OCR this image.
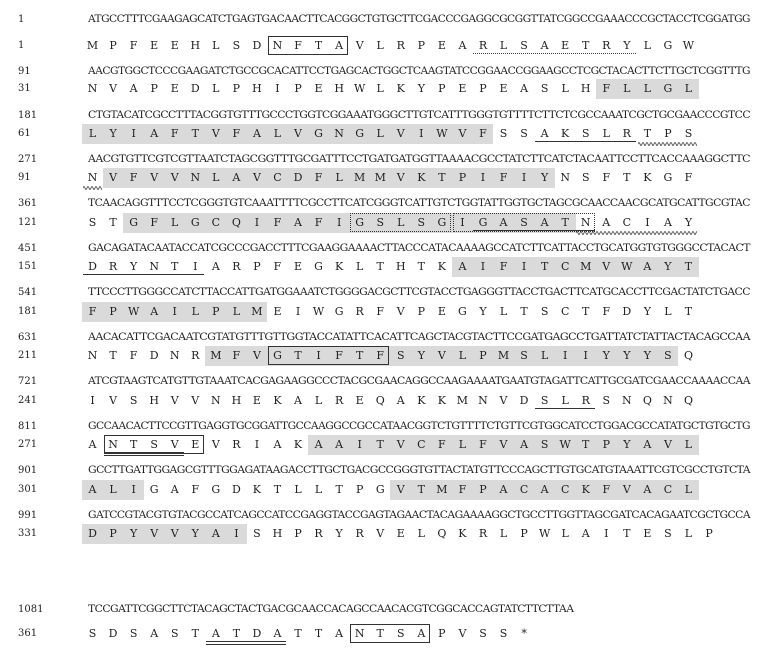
1	ATGCCTTTCGAAGAGCATCTGAGTGACAACTTCACGGCTGTGCTTCGACCCGAGGCGCGGTTATCGGCCGAAACCCGCTACCTCGGATGG
1	M	P	F	E	E	H	L	S	D	N	F	T	A	V	L	R	P	E	A	R	L	S	A	E	T	R	Y	L	G W
91	AACGTGGCTCCCGAAGATCTGCCGCACATTCCTGAGCACTGGCTCAAGTATCCGGAACCGGAAGCCTCGCTACACTTCTTGCTCGGTTTG
31	N	V	A	P	E	D	L	P	H	I	P	E	H W	L	K	Y	P	E	P	E	A	S	L	H	F	L	L	G	L
181	CTGTACATCGCCTTTACGGTGTTTGCCCTGGTCGGAAATGGGCTTGTCATTTGGGTGTTTTCTTCTCGCCAAATCGCTGCGAACCCGTCC
61	L	Y	I	A	F	T	V	F	A	L	V	G	N	G	L	V	I	W V	F	S	S	A	K	S	L	R	T	P	S
271	AACGTGTTCGTCGTTAATCTAGCGGTTTGCGATTTCCTGATGATGGTTAAAACGCCTATCTTCATCTACAATTCCTTCACCAAAGGCTTC
91	N	V	F	V	V	N	L	A	V	C	D	F	L	M M V	K	T	P	I	F	I	Y	N	S	F	T	K	G	F
361	TCAACAGGTTTCCTCGGGTGTCAAATTTTCGCCTTCATCGGGTCATTGTCTGGTATTGGTGCTAGCGCAACCAACGCATGCATTGCGTAC
121	S	T	G	F	L	G	C	Q	I	F	A	F	I	G	S	L	S	G	I	G	A	S	A	T	N	A	C	I	A	Y
451	GACAGATACAATACCATCGCCCGACCTTTCGAAGGAAAACTTACCCATACAAAAGCCATCTTCATTACCTGCATGGTGTGGGCCTACACT
151	D	R	Y	N	T	I	A	R	P	F	E	G	K	L	T	H	T	K	A	I	F	I	T	C M V W A	Y	T
541	TTCCCTTGGGCCATCTTACCATTGATGGAAATCTGGGGACGCTTCGTACCTGAGGGTTACCTGACTTCATGCACCTTCGACTATCTGACC
181	F	P	W A	I	L	P	L	M E	I	W G	R	F	V	P	E	G	Y	L	T	S	C	T	F	D	Y	L	T
631	AACACATTCGACAATCGTATGTTTGTTGGTACCATATTCACATTCAGCTACGTACTTCCGATGAGCCTGATTATCTATTACTACAGCCAA
211	N	T	F	D	N	R M	F	V	G	T	I	F	T	F	S	Y	V	L	P	M	S	L	I	I	Y	Y	Y	S	Q
721	ATCGTAAGTCATGTTGTAAATCACGAGAAGGCCCTACGCGAACAGGCCAAGAAAATGAATGTAGATTCATTGCGATCGAACCAAAACCAA
241	I	V	S	H	V	V	N H	E	K	A	L	R	E	Q	A	K	K M N	V	D	S	L	R	S	N	Q	N	Q
811	GCCAACACTTCCGTTGAGGTGCGGATTGCCAAGGCCGCCATAACGGTCTGTTTTCTGTTCGTGGCATCCTGGACGCCATATGCTGTGCTG
271	A	N	T	S	V	E	V	R	I	A	K	A	A	I	T	V	C	F	L	F	V	A	S	W	T	P	Y	A	V	L
901	GCCTTGATTGGAGCGTTTGGAGATAAGACCTTGCTGACGCCGGGTGTTACTATGTTCCCAGCTTGTGCATGTAAATTCGTCGCCTGTCTA
301	A	L	I	G	A	F	G	D	K	T	L	L	T	P	G	V	T	M	F	P	A	C	A	C	K	F	V	A	C	L
991	GATCCGTACGTGTACGCCATCAGCCATCCGAGGTACCGAGTAGAACTACAGAAAAGGCTGCCTTGGTTAGCGATCACAGAATCGCTGCCA
331	D	P	Y	V	V	Y	A	I	S	H	P	R	Y	R	V	E	L	Q	K	R	L	P	W	L	A	I	T	E	S	L	P
1081	TCCGATTCGGCTTCTACAGCTACTGACGCAACCACAGCCAACACGTCGGCACCAGTATCTTCTTAA
361	S	D	S	A	S	T	A	T	D	A	T	T	A	N	T	S	A	P	V	S	S	*
